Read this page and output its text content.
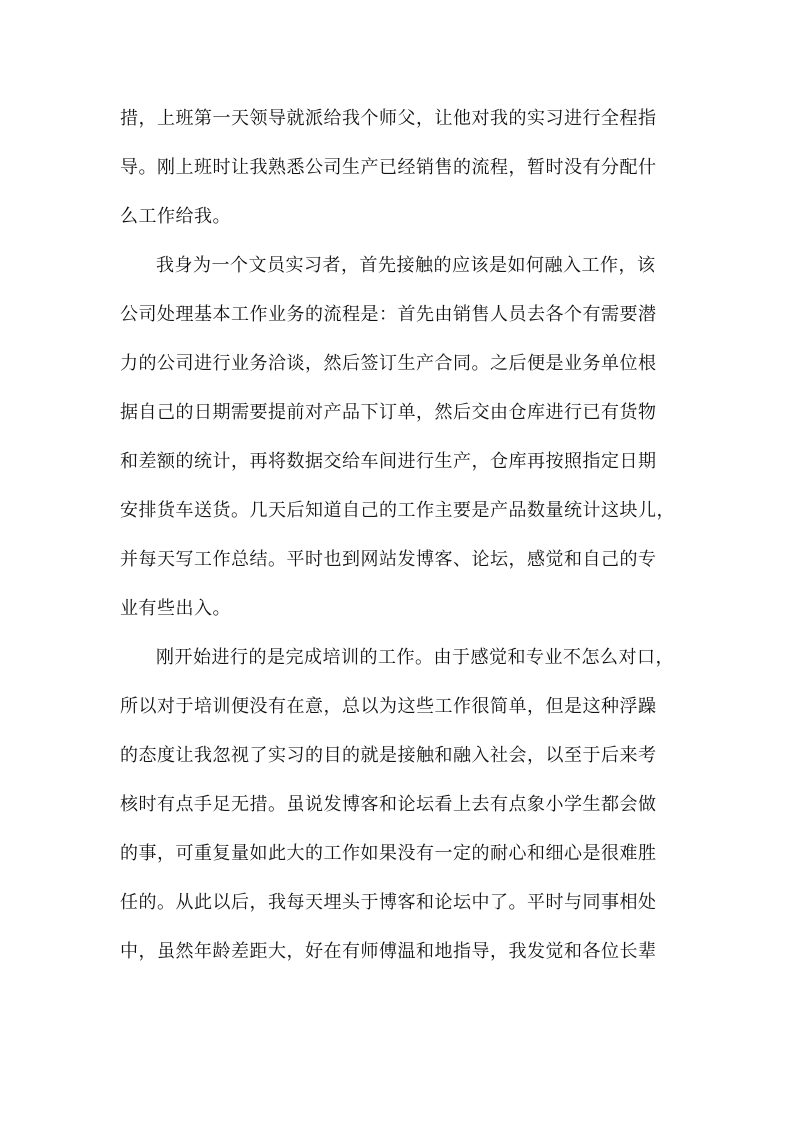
措，上班第一天领导就派给我个师父，让他对我的实习进行全程指
导。刚上班时让我熟悉公司生产已经销售的流程，暂时没有分配什
么工作给我。
我身为一个文员实习者，首先接触的应该是如何融入工作，该
公司处理基本工作业务的流程是：首先由销售人员去各个有需要潜
力的公司进行业务洽谈，然后签订生产合同。之后便是业务单位根
据自己的日期需要提前对产品下订单，然后交由仓库进行已有货物
和差额的统计，再将数据交给车间进行生产，仓库再按照指定日期
安排货车送货。几天后知道自己的工作主要是产品数量统计这块儿，
并每天写工作总结。平时也到网站发博客、论坛，感觉和自己的专
业有些出入。
刚开始进行的是完成培训的工作。由于感觉和专业不怎么对口，
所以对于培训便没有在意，总以为这些工作很简单，但是这种浮躁
的态度让我忽视了实习的目的就是接触和融入社会，以至于后来考
核时有点手足无措。虽说发博客和论坛看上去有点象小学生都会做
的事，可重复量如此大的工作如果没有一定的耐心和细心是很难胜
任的。从此以后，我每天埋头于博客和论坛中了。平时与同事相处
中，虽然年龄差距大，好在有师傅温和地指导，我发觉和各位长辈
